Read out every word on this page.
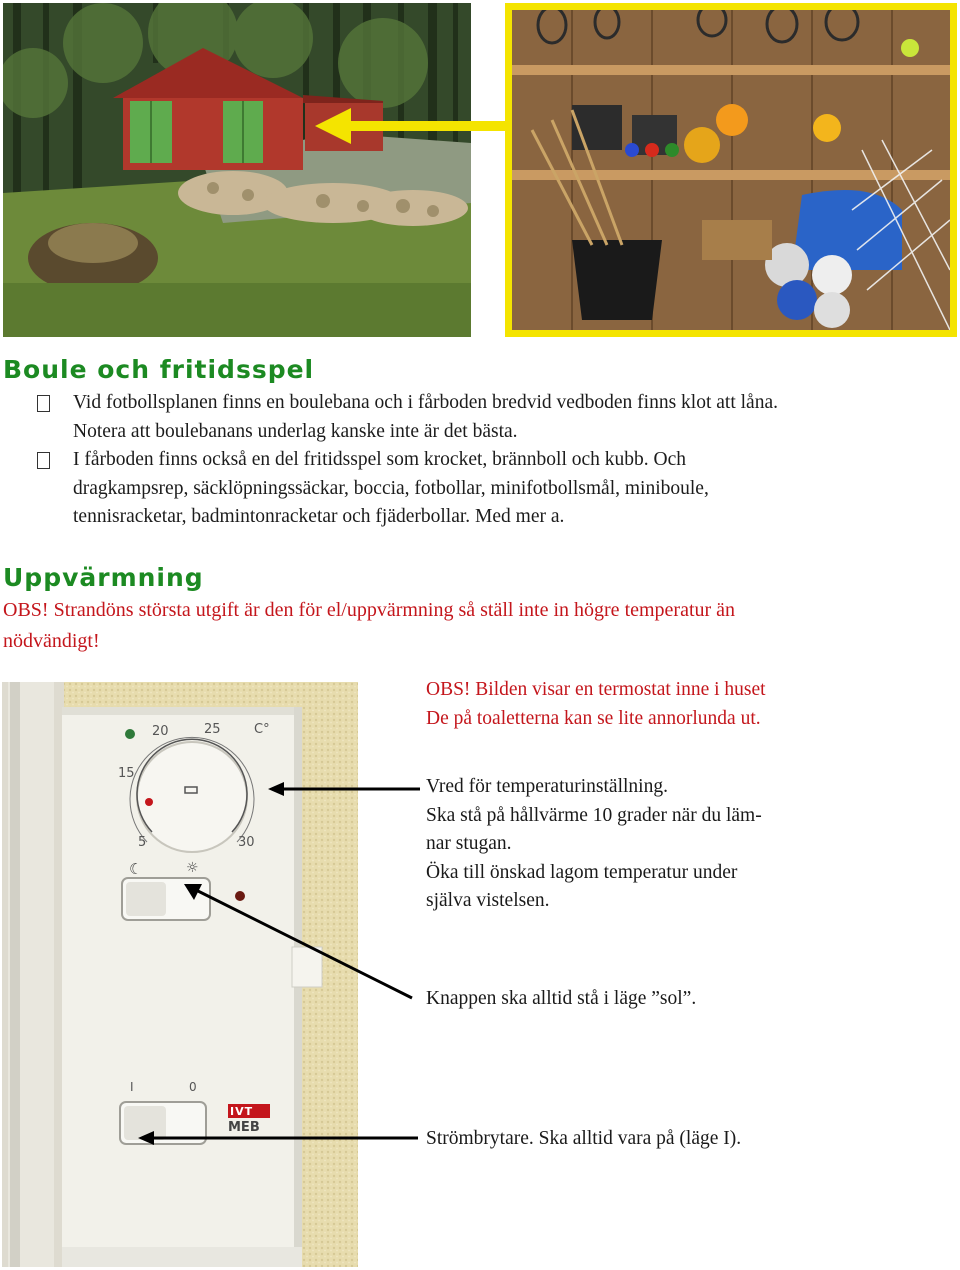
Boule och fritidsspel
Vid fotbollsplanen finns en boulebana och i fårboden bredvid vedboden finns klot att låna.
Notera att boulebanans underlag kanske inte är det bästa.
I fårboden finns också en del fritidsspel som krocket, brännboll och kubb. Och
dragkampsrep, säcklöpningssäckar, boccia, fotbollar, minifotbollsmål, miniboule,
tennisracketar, badmintonracketar och fjäderbollar. Med mer a.
Uppvärmning
OBS! Strandöns största utgift är den för el/uppvärmning så ställ inte in högre temperatur än
nödvändigt!
20	25	C°
15
5	30
☾	☼
I	0
IVT
MEB
OBS! Bilden visar en termostat inne i huset
De på toaletterna kan se lite annorlunda ut.
Vred för temperaturinställning.
Ska stå på hållvärme 10 grader när du läm-
nar stugan.
Öka till önskad lagom temperatur under
själva vistelsen.
Knappen ska alltid stå i läge ”sol”.
Strömbrytare. Ska alltid vara på (läge I).
